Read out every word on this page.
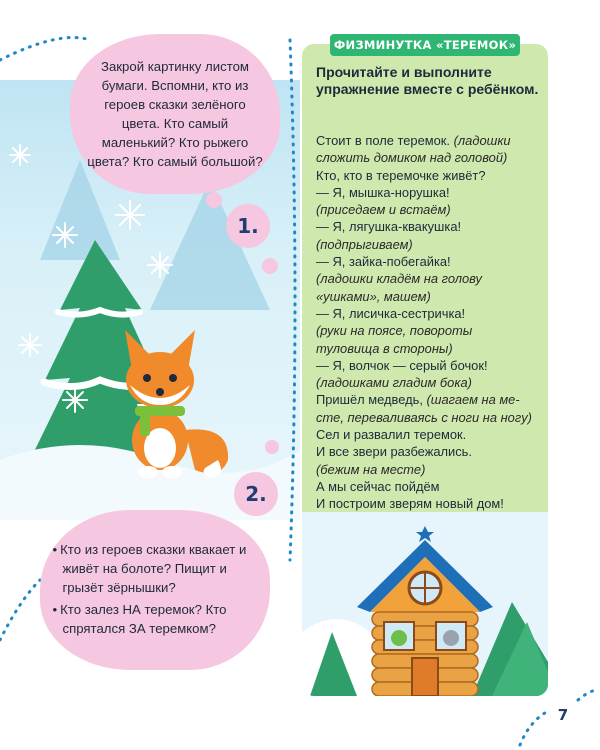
Закрой картинку листом бумаги. Вспомни, кто из героев сказки зелёного цвета. Кто самый маленький? Кто рыжего цвета? Кто самый большой?
1.
2.

• Кто из героев сказки квакает и живёт на болоте? Пищит и грызёт зёрнышки?

• Кто залез НА теремок? Кто спрятался ЗА теремком?

ФИЗМИНУТКА «ТЕРЕМОК»
Прочитайте и выполните упражнение вместе с ребёнком.
Стоит в поле теремок. (ладошки
сложить домиком над головой)
Кто, кто в теремочке живёт?
— Я, мышка-норушка!
(приседаем и встаём)
— Я, лягушка-квакушка!
(подпрыгиваем)
— Я, зайка-побегайка!
(ладошки кладём на голову
«ушками», машем)
— Я, лисичка-сестричка!
(руки на поясе, повороты
туловища в стороны)
— Я, волчок — серый бочок!
(ладошками гладим бока)
Пришёл медведь, (шагаем на ме-
сте, переваливаясь с ноги на ногу)
Сел и развалил теремок.
И все звери разбежались.
(бежим на месте)
А мы сейчас пойдём
И построим зверям новый дом!
7
